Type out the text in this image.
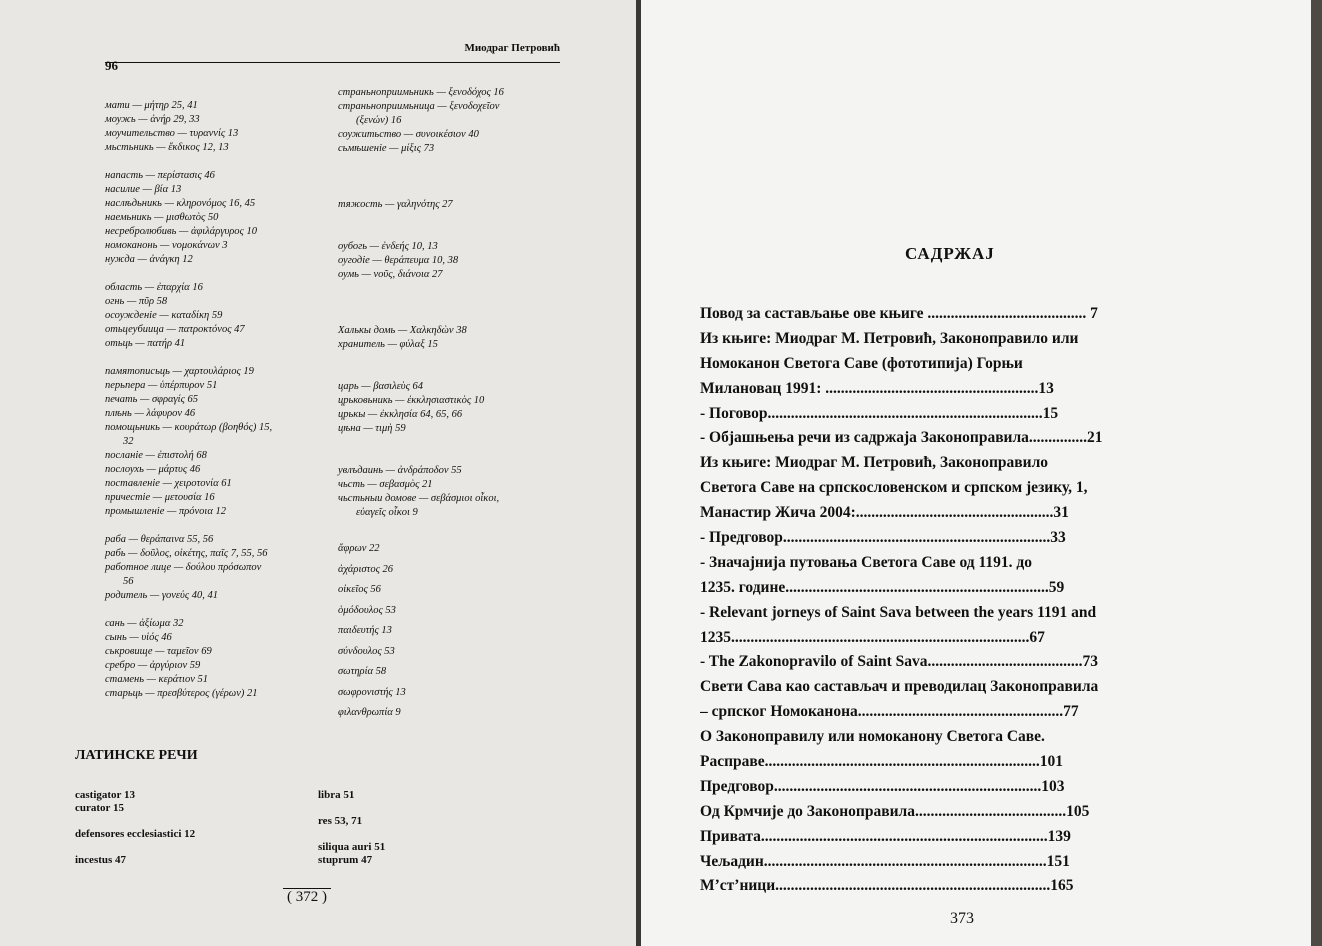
96
Миодраг Петровић
мати — μήτηρ 25, 41
моужь — ἀνήρ 29, 33
моучительство — τυραννίς 13
мьстьникь — ἔκδικος 12, 13
напасть — περίστασις 46
насилие — βία 13
наслѣдьникь — κληρονόμος 16, 45
наемьникь — μισθωτὸς 50
несребролюбивь — ἀφιλάργυρος 10
номоканонь — νομοκάνων 3
нужда — ἀνάγκη 12
область — ἐπαρχία 16
огнь — πῦρ 58
осоужденіе — καταδίκη 59
отьцеубиица — πατροκτόνος 47
отьць — πατήρ 41
памятописьць — χαρτουλάριος 19
перьпера — ὑπέρπυρον 51
печать — σφραγίς 65
плѣнь — λάφυρον 46
помощьникь — κουράτωρ (βοηθός) 15,
32
посланіе — ἐπιστολή 68
послоухь — μάρτυς 46
поставленіе — χειροτονία 61
причестіе — μετουσία 16
промышленіе — πρόνοια 12
раба — θεράπαινα 55, 56
рабь — δοῦλος, οἰκέτης, παῖς 7, 55, 56
работное лице — δούλου πρόσωπον
56
родитель — γονεύς 40, 41
сань — ἀξίωμα 32
сынь — υἱός 46
ськровище — ταμεῖον 69
сребро — ἀργύριον 59
стамень — κεράτιον 51
старьць — πρεσβύτερος (γέρων) 21
страньноприимьникь — ξενοδόχος 16
страньноприимьница — ξενοδοχεῖον
(ξενών) 16
соужитьство — συνοικέσιον 40
сьмѣшеніе — μίξις 73
тяжость — γαληνότης 27
оубогь — ἐνδεής 10, 13
оугодіе — θεράπευμα 10, 38
оумь — νοῦς, διάνοια 27
Халькы домь — Χαλκηδὼν 38
хранитель — φύλαξ 15
царь — βασιλεὺς 64
црьковьникь — ἐκκλησιαστικὸς 10
црькы — ἐκκλησία 64, 65, 66
цѣна — τιμὴ 59
увлъдаинь — ἀνδράποδον 55
чьсть — σεβασμὸς 21
чьстьныи домове — σεβάσμιοι οἶκοι,
εὐαγεῖς οἶκοι 9
ἄφρων 22
ἀχάριστος 26
οἰκεῖος 56
ὁμόδουλος 53
παιδευτής 13
σύνδουλος 53
σωτηρία 58
σωφρονιστής 13
φιλανθρωπία 9
ЛАТИНСКЕ РЕЧИ
castigator 13
curator 15
defensores ecclesiastici 12
incestus 47
libra 51
res 53, 71
siliqua auri 51
stuprum 47
( 372 )
САДРЖАЈ
Повод за састављање ове књиге ......................................... 7
Из књиге: Миодраг М. Петровић, Законоправило или
Номоканон Светога Саве (фототипија) Горњи
Милановац 1991: .......................................................13
- Поговор.......................................................................15
- Објашњења речи из садржаја Законоправила...............21
Из књиге: Миодраг М. Петровић, Законоправило
Светога Саве на српскословенском и српском језику, 1,
Манастир Жича 2004:...................................................31
- Предговор.....................................................................33
- Значајнија путовања Светога Саве од 1191. до
1235. године....................................................................59
- Relevant jorneys of Saint Sava between the years 1191 and
1235.............................................................................67
- The Zakonopravilo of Saint Sava........................................73
Свети Сава као састављач и преводилац Законоправила
– српског Номоканона.....................................................77
О Законоправилу или номоканону Светога Саве.
Расправе.......................................................................101
Предговор.....................................................................103
Од Крмчије до Законоправила.......................................105
Привата..........................................................................139
Чељадин.........................................................................151
М’ст’ници.......................................................................165
373
